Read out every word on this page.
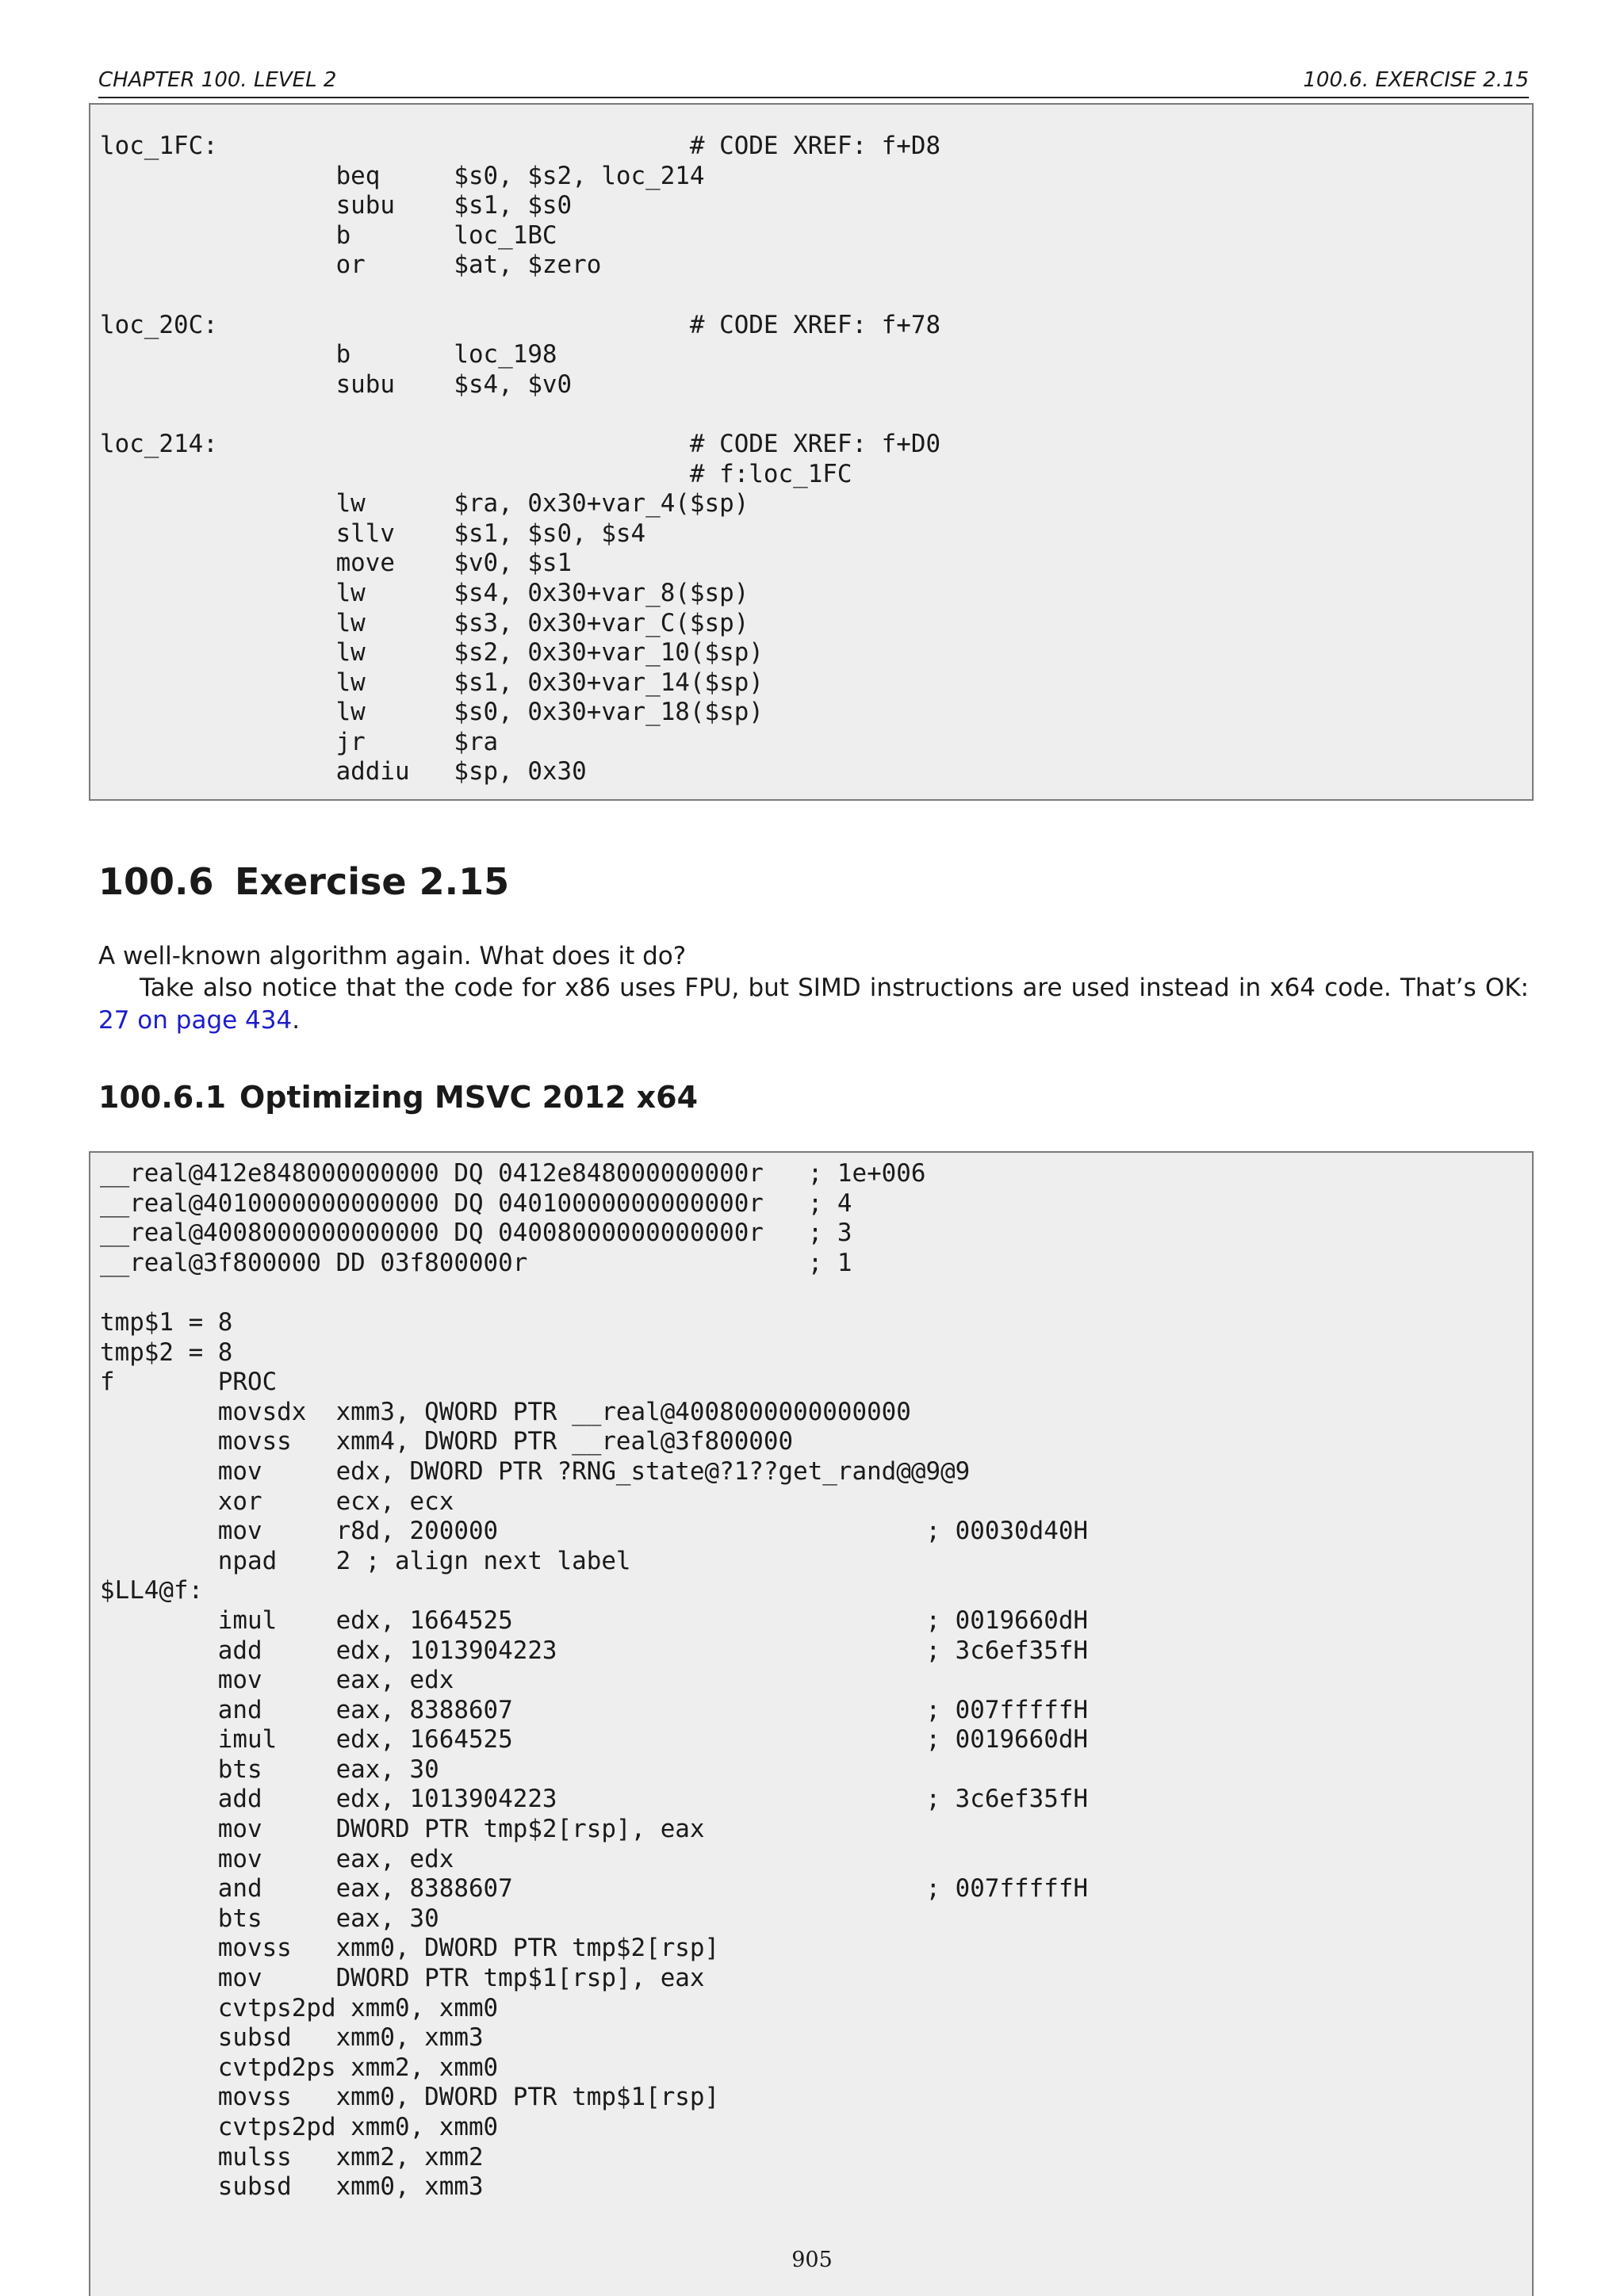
CHAPTER 100. LEVEL 2	100.6. EXERCISE 2.15
loc_1FC:                                # CODE XREF: f+D8
beq     $s0, $s2, loc_214
subu    $s1, $s0
b       loc_1BC
or      $at, $zero

loc_20C:                                # CODE XREF: f+78
b       loc_198
subu    $s4, $v0

loc_214:                                # CODE XREF: f+D0
# f:loc_1FC
lw      $ra, 0x30+var_4($sp)
sllv    $s1, $s0, $s4
move    $v0, $s1
lw      $s4, 0x30+var_8($sp)
lw      $s3, 0x30+var_C($sp)
lw      $s2, 0x30+var_10($sp)
lw      $s1, 0x30+var_14($sp)
lw      $s0, 0x30+var_18($sp)
jr      $ra
addiu   $sp, 0x30
100.6 Exercise 2.15

A well-known algorithm again. What does it do?

Take also notice that the code for x86 uses FPU, but SIMD instructions are used instead in x64 code. That’s OK: 27 on page 434.

100.6.1 Optimizing MSVC 2012 x64
__real@412e848000000000 DQ 0412e848000000000r   ; 1e+006
__real@4010000000000000 DQ 04010000000000000r   ; 4
__real@4008000000000000 DQ 04008000000000000r   ; 3
__real@3f800000 DD 03f800000r                   ; 1

tmp$1 = 8
tmp$2 = 8
f       PROC
movsdx  xmm3, QWORD PTR __real@4008000000000000
movss   xmm4, DWORD PTR __real@3f800000
mov     edx, DWORD PTR ?RNG_state@?1??get_rand@@9@9
xor     ecx, ecx
mov     r8d, 200000                             ; 00030d40H
npad    2 ; align next label
$LL4@f:
imul    edx, 1664525                            ; 0019660dH
add     edx, 1013904223                         ; 3c6ef35fH
mov     eax, edx
and     eax, 8388607                            ; 007fffffH
imul    edx, 1664525                            ; 0019660dH
bts     eax, 30
add     edx, 1013904223                         ; 3c6ef35fH
mov     DWORD PTR tmp$2[rsp], eax
mov     eax, edx
and     eax, 8388607                            ; 007fffffH
bts     eax, 30
movss   xmm0, DWORD PTR tmp$2[rsp]
mov     DWORD PTR tmp$1[rsp], eax
cvtps2pd xmm0, xmm0
subsd   xmm0, xmm3
cvtpd2ps xmm2, xmm0
movss   xmm0, DWORD PTR tmp$1[rsp]
cvtps2pd xmm0, xmm0
mulss   xmm2, xmm2
subsd   xmm0, xmm3
905
